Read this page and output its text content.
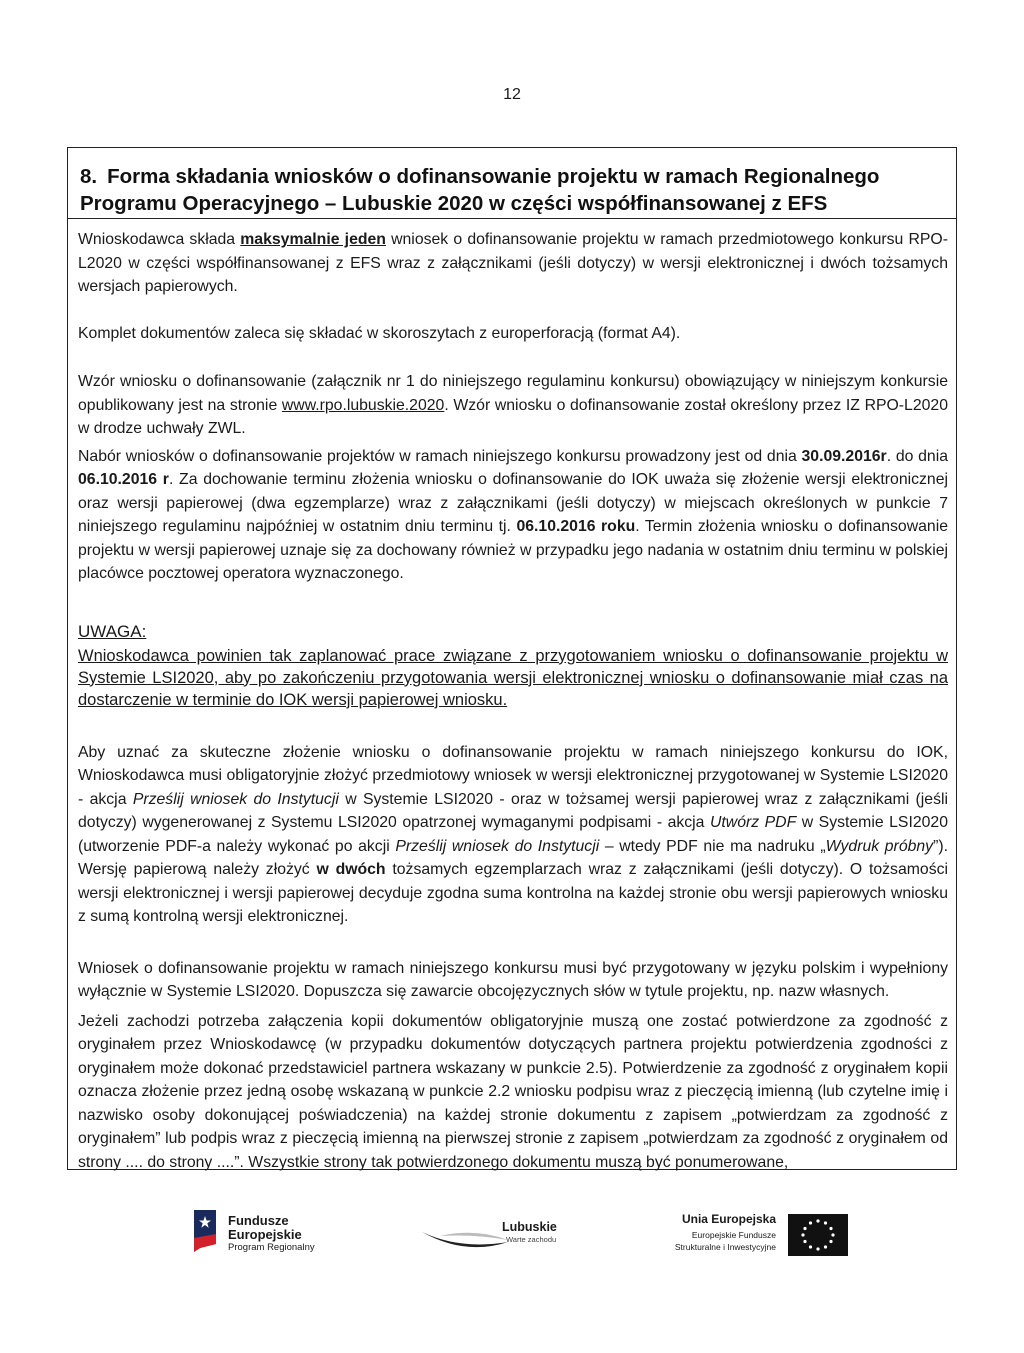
12
8. Forma składania wniosków o dofinansowanie projektu w ramach Regionalnego Programu Operacyjnego – Lubuskie 2020 w części współfinansowanej z EFS

Wnioskodawca składa maksymalnie jeden wniosek o dofinansowanie projektu w ramach przedmiotowego konkursu RPO-L2020 w części współfinansowanej z EFS wraz z załącznikami (jeśli dotyczy) w wersji elektronicznej i dwóch tożsamych wersjach papierowych.

Komplet dokumentów zaleca się składać w skoroszytach z europerforacją (format A4).

Wzór wniosku o dofinansowanie (załącznik nr 1 do niniejszego regulaminu konkursu) obowiązujący w niniejszym konkursie opublikowany jest na stronie www.rpo.lubuskie.2020. Wzór wniosku o dofinansowanie został określony przez IZ RPO-L2020 w drodze uchwały ZWL.

Nabór wniosków o dofinansowanie projektów w ramach niniejszego konkursu prowadzony jest od dnia 30.09.2016r. do dnia 06.10.2016 r. Za dochowanie terminu złożenia wniosku o dofinansowanie do IOK uważa się złożenie wersji elektronicznej oraz wersji papierowej (dwa egzemplarze) wraz z załącznikami (jeśli dotyczy) w miejscach określonych w punkcie 7 niniejszego regulaminu najpóźniej w ostatnim dniu terminu tj. 06.10.2016 roku. Termin złożenia wniosku o dofinansowanie projektu w wersji papierowej uznaje się za dochowany również w przypadku jego nadania w ostatnim dniu terminu w polskiej placówce pocztowej operatora wyznaczonego.

UWAGA:

Wnioskodawca powinien tak zaplanować prace związane z przygotowaniem wniosku o dofinansowanie projektu w Systemie LSI2020, aby po zakończeniu przygotowania wersji elektronicznej wniosku o dofinansowanie miał czas na dostarczenie w terminie do IOK wersji papierowej wniosku.

Aby uznać za skuteczne złożenie wniosku o dofinansowanie projektu w ramach niniejszego konkursu do IOK, Wnioskodawca musi obligatoryjnie złożyć przedmiotowy wniosek w wersji elektronicznej przygotowanej w Systemie LSI2020 - akcja Prześlij wniosek do Instytucji w Systemie LSI2020 - oraz w tożsamej wersji papierowej wraz z załącznikami (jeśli dotyczy) wygenerowanej z Systemu LSI2020 opatrzonej wymaganymi podpisami - akcja Utwórz PDF w Systemie LSI2020 (utworzenie PDF-a należy wykonać po akcji Prześlij wniosek do Instytucji – wtedy PDF nie ma nadruku „Wydruk próbny”). Wersję papierową należy złożyć w dwóch tożsamych egzemplarzach wraz z załącznikami (jeśli dotyczy). O tożsamości wersji elektronicznej i wersji papierowej decyduje zgodna suma kontrolna na każdej stronie obu wersji papierowych wniosku z sumą kontrolną wersji elektronicznej.

Wniosek o dofinansowanie projektu w ramach niniejszego konkursu musi być przygotowany w języku polskim i wypełniony wyłącznie w Systemie LSI2020. Dopuszcza się zawarcie obcojęzycznych słów w tytule projektu, np. nazw własnych.

Jeżeli zachodzi potrzeba załączenia kopii dokumentów obligatoryjnie muszą one zostać potwierdzone za zgodność z oryginałem przez Wnioskodawcę (w przypadku dokumentów dotyczących partnera projektu potwierdzenia zgodności z oryginałem może dokonać przedstawiciel partnera wskazany w punkcie 2.5). Potwierdzenie za zgodność z oryginałem kopii oznacza złożenie przez jedną osobę wskazaną w punkcie 2.2 wniosku podpisu wraz z pieczęcią imienną (lub czytelne imię i nazwisko osoby dokonującej poświadczenia) na każdej stronie dokumentu z zapisem „potwierdzam za zgodność z oryginałem” lub podpis wraz z pieczęcią imienną na pierwszej stronie z zapisem „potwierdzam za zgodność z oryginałem od strony .... do strony ....”. Wszystkie strony tak potwierdzonego dokumentu muszą być ponumerowane,

Fundusze
Europejskie
Program Regionalny
Lubuskie
Warte zachodu
Unia Europejska
Europejskie Fundusze
Strukturalne i Inwestycyjne
